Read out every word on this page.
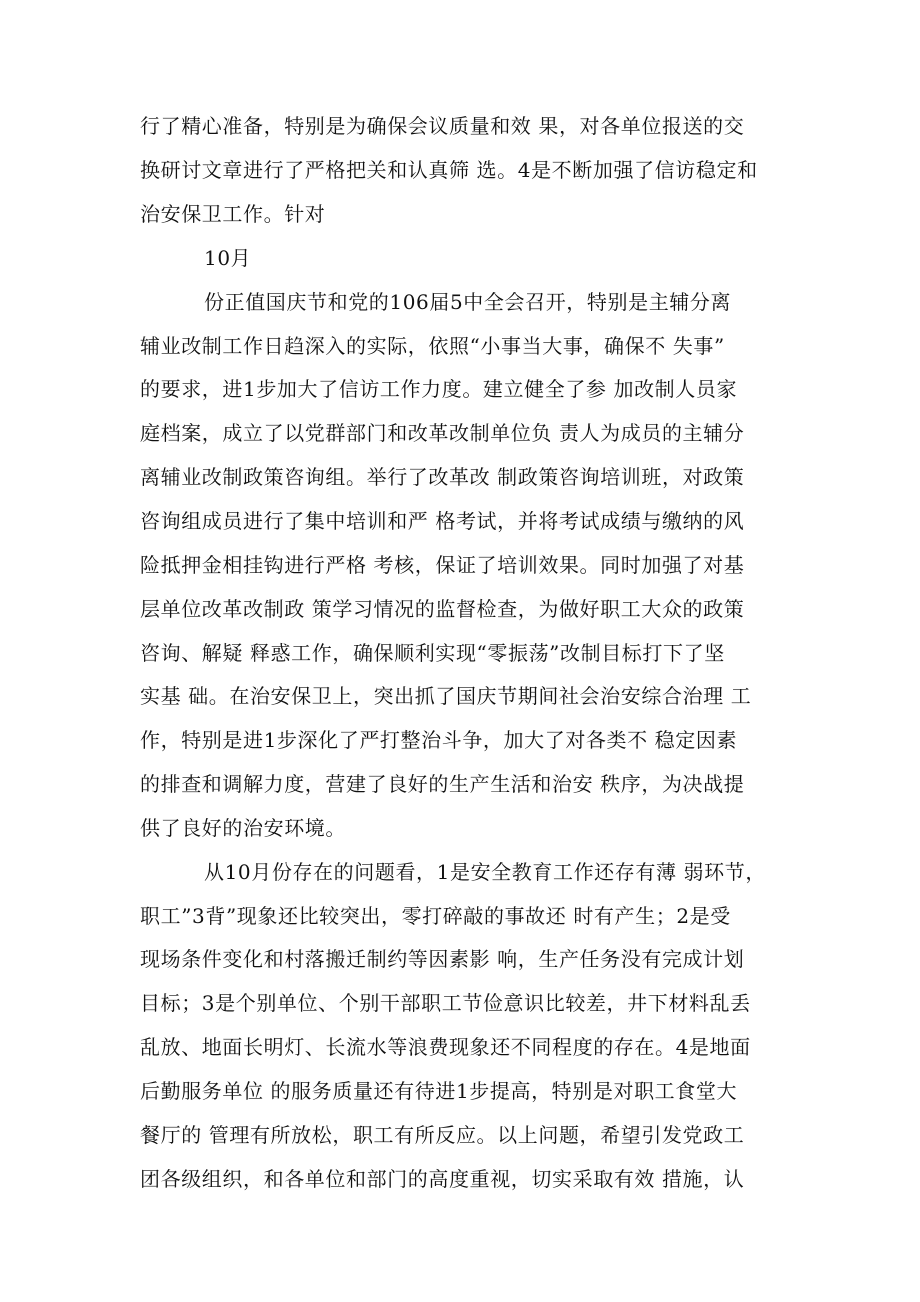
行了精心准备，特别是为确保会议质量和效 果，对各单位报送的交
换研讨文章进行了严格把关和认真筛 选。4是不断加强了信访稳定和
治安保卫工作。针对
10月
份正值国庆节和党的106届5中全会召开，特别是主辅分离
辅业改制工作日趋深入的实际，依照“小事当大事，确保不 失事”
的要求，进1步加大了信访工作力度。建立健全了参 加改制人员家
庭档案，成立了以党群部门和改革改制单位负 责人为成员的主辅分
离辅业改制政策咨询组。举行了改革改 制政策咨询培训班，对政策
咨询组成员进行了集中培训和严 格考试，并将考试成绩与缴纳的风
险抵押金相挂钩进行严格 考核，保证了培训效果。同时加强了对基
层单位改革改制政 策学习情况的监督检查，为做好职工大众的政策
咨询、解疑 释惑工作，确保顺利实现“零振荡”改制目标打下了坚
实基 础。在治安保卫上，突出抓了国庆节期间社会治安综合治理 工
作，特别是进1步深化了严打整治斗争，加大了对各类不 稳定因素
的排查和调解力度，营建了良好的生产生活和治安 秩序，为决战提
供了良好的治安环境。
从10月份存在的问题看，1是安全教育工作还存有薄 弱环节，
职工”3背”现象还比较突出，零打碎敲的事故还 时有产生；2是受
现场条件变化和村落搬迁制约等因素影 响，生产任务没有完成计划
目标；3是个别单位、个别干部职工节俭意识比较差，井下材料乱丢
乱放、地面长明灯、长流水等浪费现象还不同程度的存在。4是地面
后勤服务单位 的服务质量还有待进1步提高，特别是对职工食堂大
餐厅的 管理有所放松，职工有所反应。以上问题，希望引发党政工
团各级组织，和各单位和部门的高度重视，切实采取有效 措施，认
